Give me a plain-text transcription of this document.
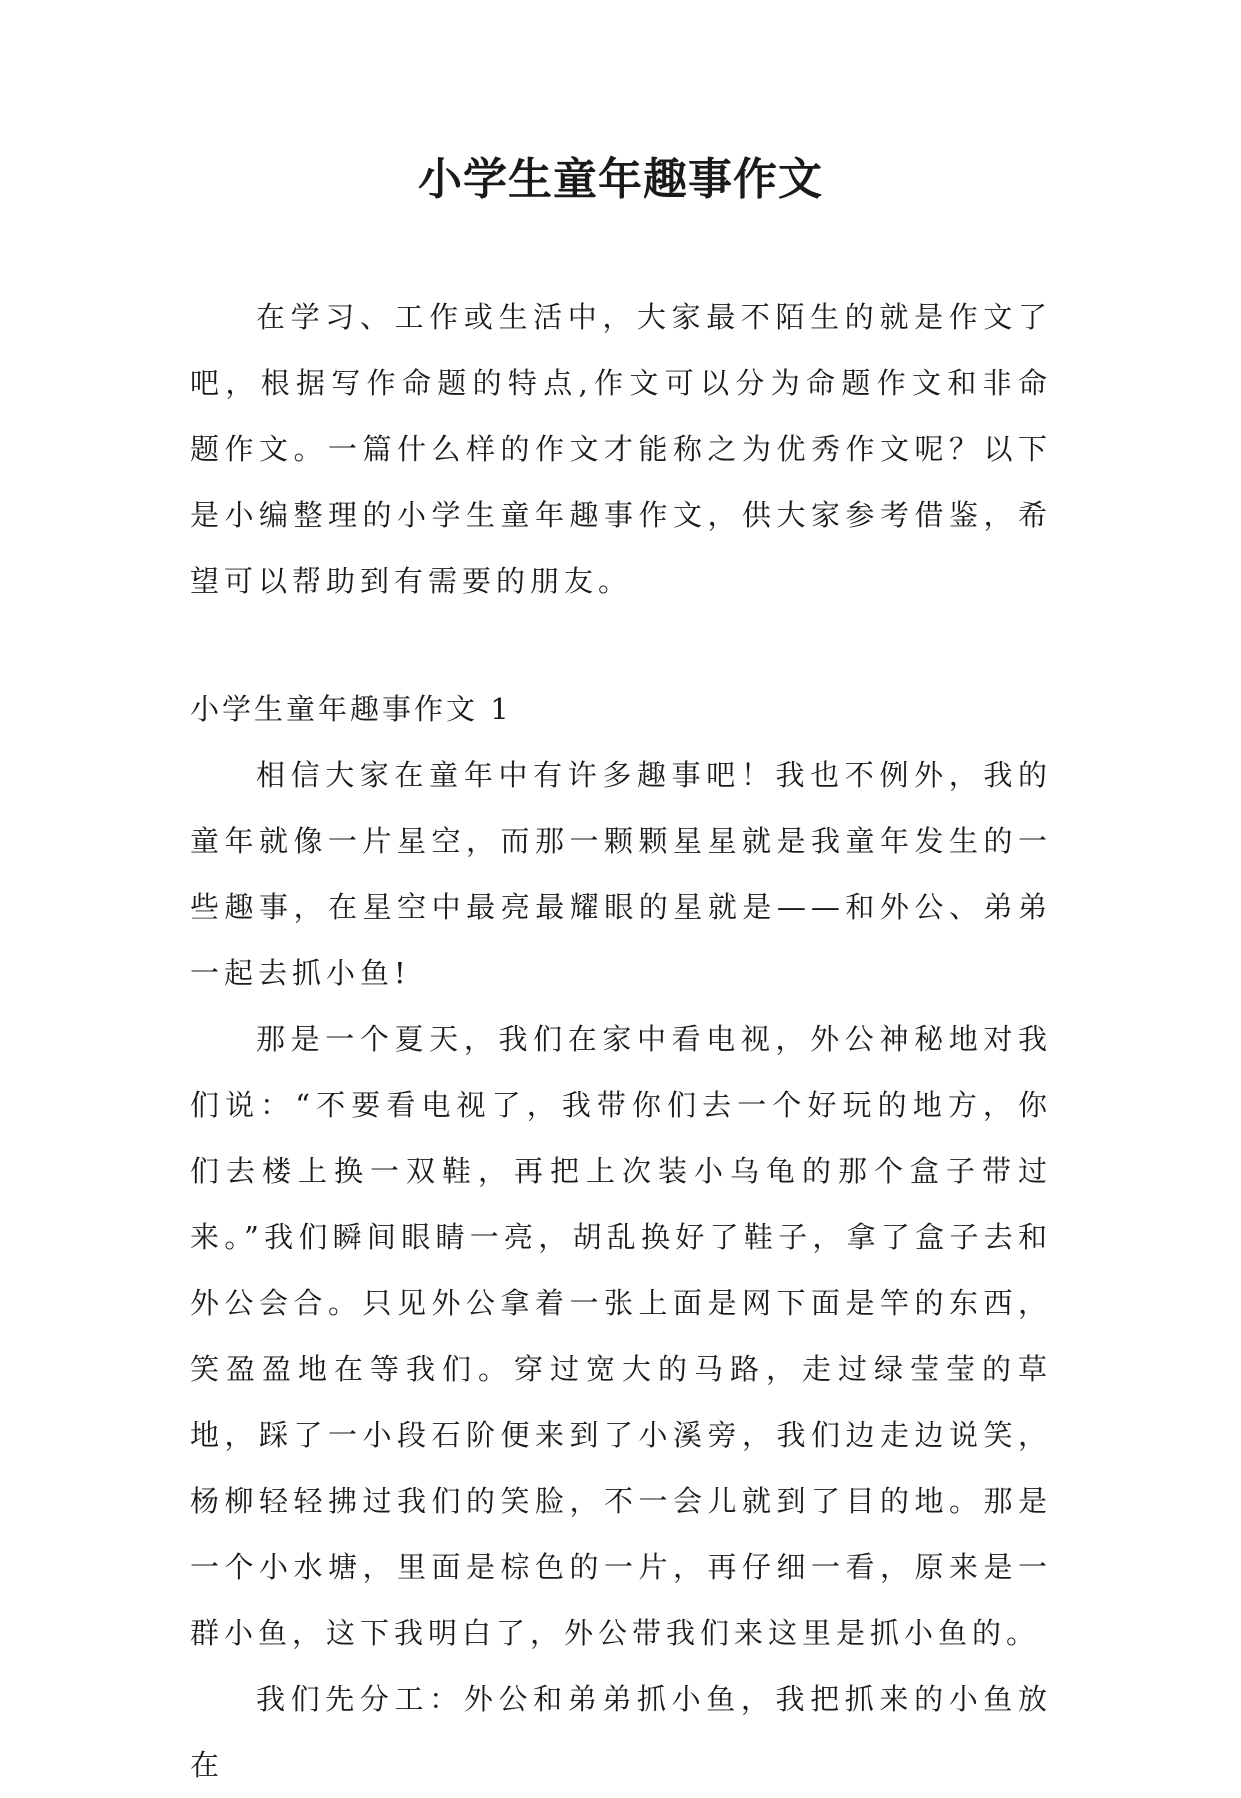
小学生童年趣事作文

在学习、工作或生活中，大家最不陌生的就是作文了吧，根据写作命题的特点,作文可以分为命题作文和非命题作文。一篇什么样的作文才能称之为优秀作文呢？以下是小编整理的小学生童年趣事作文，供大家参考借鉴，希望可以帮助到有需要的朋友。

小学生童年趣事作文 1

相信大家在童年中有许多趣事吧！我也不例外，我的童年就像一片星空，而那一颗颗星星就是我童年发生的一些趣事，在星空中最亮最耀眼的星就是——和外公、弟弟一起去抓小鱼!

那是一个夏天，我们在家中看电视，外公神秘地对我们说：“不要看电视了，我带你们去一个好玩的地方，你们去楼上换一双鞋，再把上次装小乌龟的那个盒子带过来。”我们瞬间眼睛一亮，胡乱换好了鞋子，拿了盒子去和外公会合。只见外公拿着一张上面是网下面是竿的东西，笑盈盈地在等我们。穿过宽大的马路，走过绿莹莹的草地，踩了一小段石阶便来到了小溪旁，我们边走边说笑，杨柳轻轻拂过我们的笑脸，不一会儿就到了目的地。那是一个小水塘，里面是棕色的一片，再仔细一看，原来是一群小鱼，这下我明白了，外公带我们来这里是抓小鱼的。

我们先分工：外公和弟弟抓小鱼，我把抓来的小鱼放在
